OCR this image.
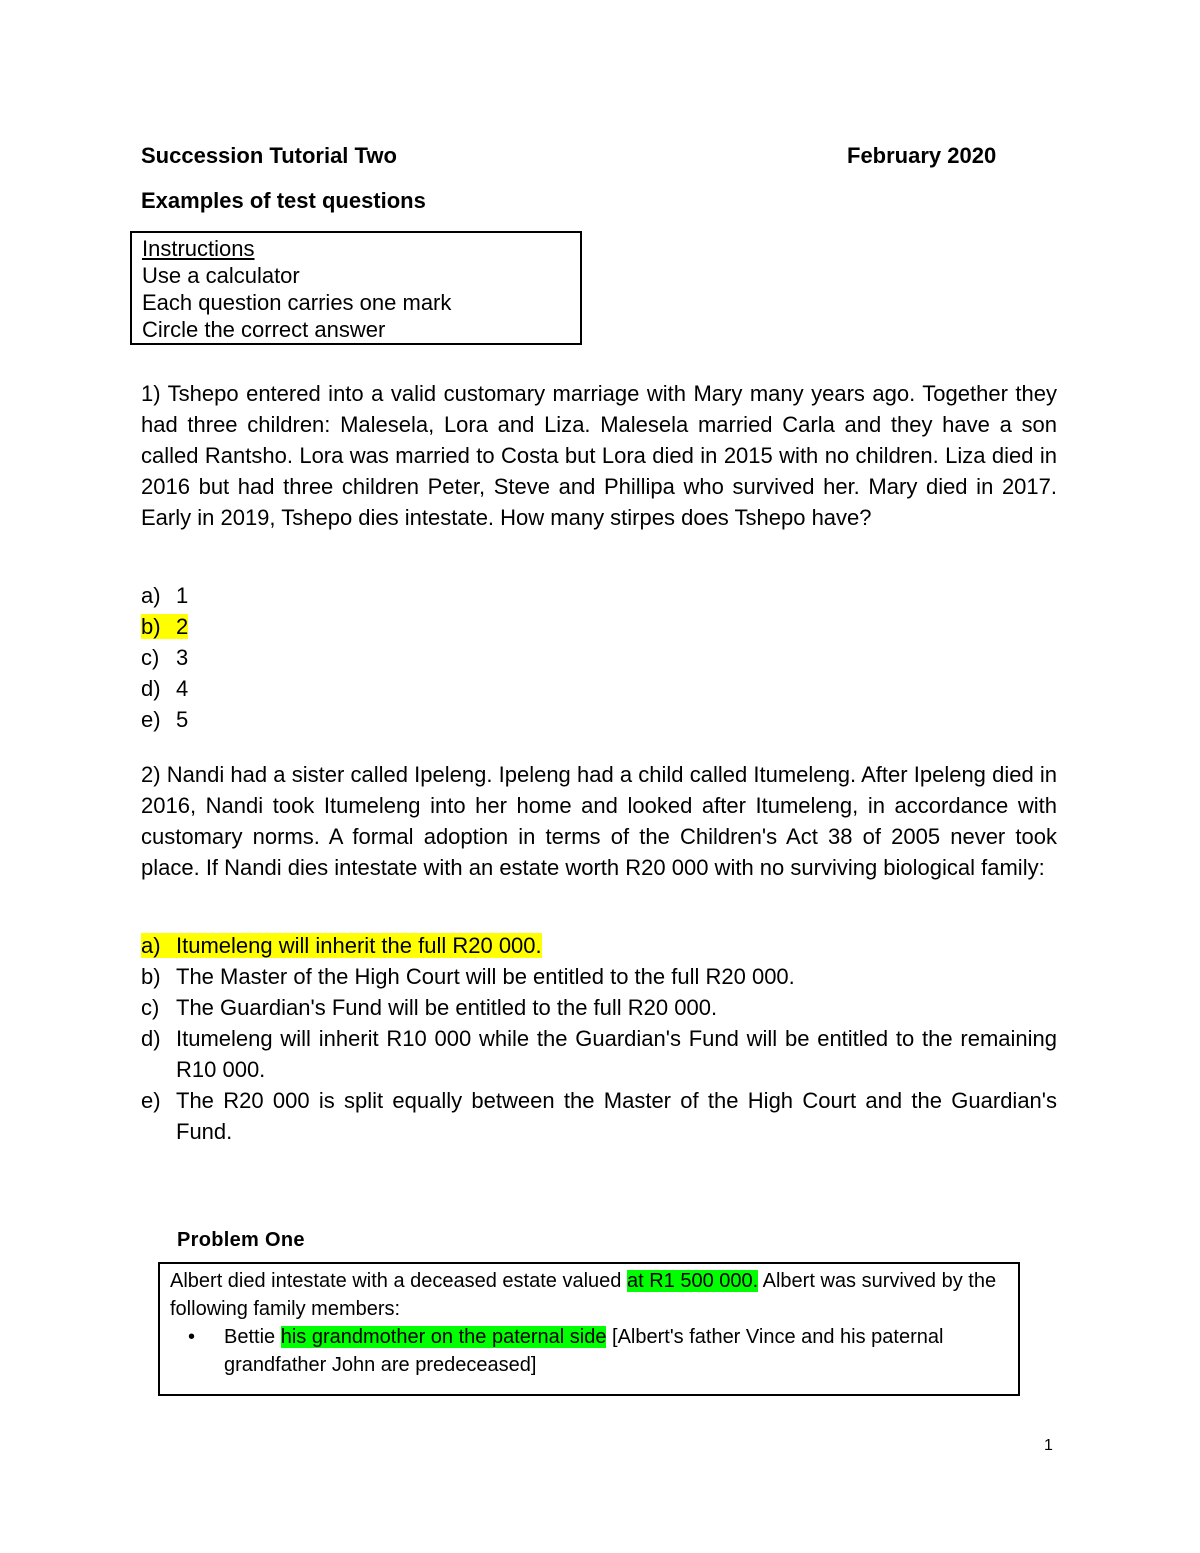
Succession Tutorial Two	February 2020
Examples of test questions
Instructions
Use a calculator
Each question carries one mark
Circle the correct answer
1) Tshepo entered into a valid customary marriage with Mary many years ago. Together they had three children: Malesela, Lora and Liza. Malesela married Carla and they have a son called Rantsho. Lora was married to Costa but Lora died in 2015 with no children. Liza died in 2016 but had three children Peter, Steve and Phillipa who survived her. Mary died in 2017. Early in 2019, Tshepo dies intestate. How many stirpes does Tshepo have?
a) 1
b) 2
c) 3
d) 4
e) 5
2) Nandi had a sister called Ipeleng. Ipeleng had a child called Itumeleng. After Ipeleng died in 2016, Nandi took Itumeleng into her home and looked after Itumeleng, in accordance with customary norms. A formal adoption in terms of the Children's Act 38 of 2005 never took place. If Nandi dies intestate with an estate worth R20 000 with no surviving biological family:
a) Itumeleng will inherit the full R20 000.
b) The Master of the High Court will be entitled to the full R20 000.
c) The Guardian's Fund will be entitled to the full R20 000.
d) Itumeleng will inherit R10 000 while the Guardian's Fund will be entitled to the remaining R10 000.
e) The R20 000 is split equally between the Master of the High Court and the Guardian's Fund.
Problem One
Albert died intestate with a deceased estate valued at R1 500 000. Albert was survived by the following family members:
• Bettie his grandmother on the paternal side [Albert's father Vince and his paternal grandfather John are predeceased]
1
